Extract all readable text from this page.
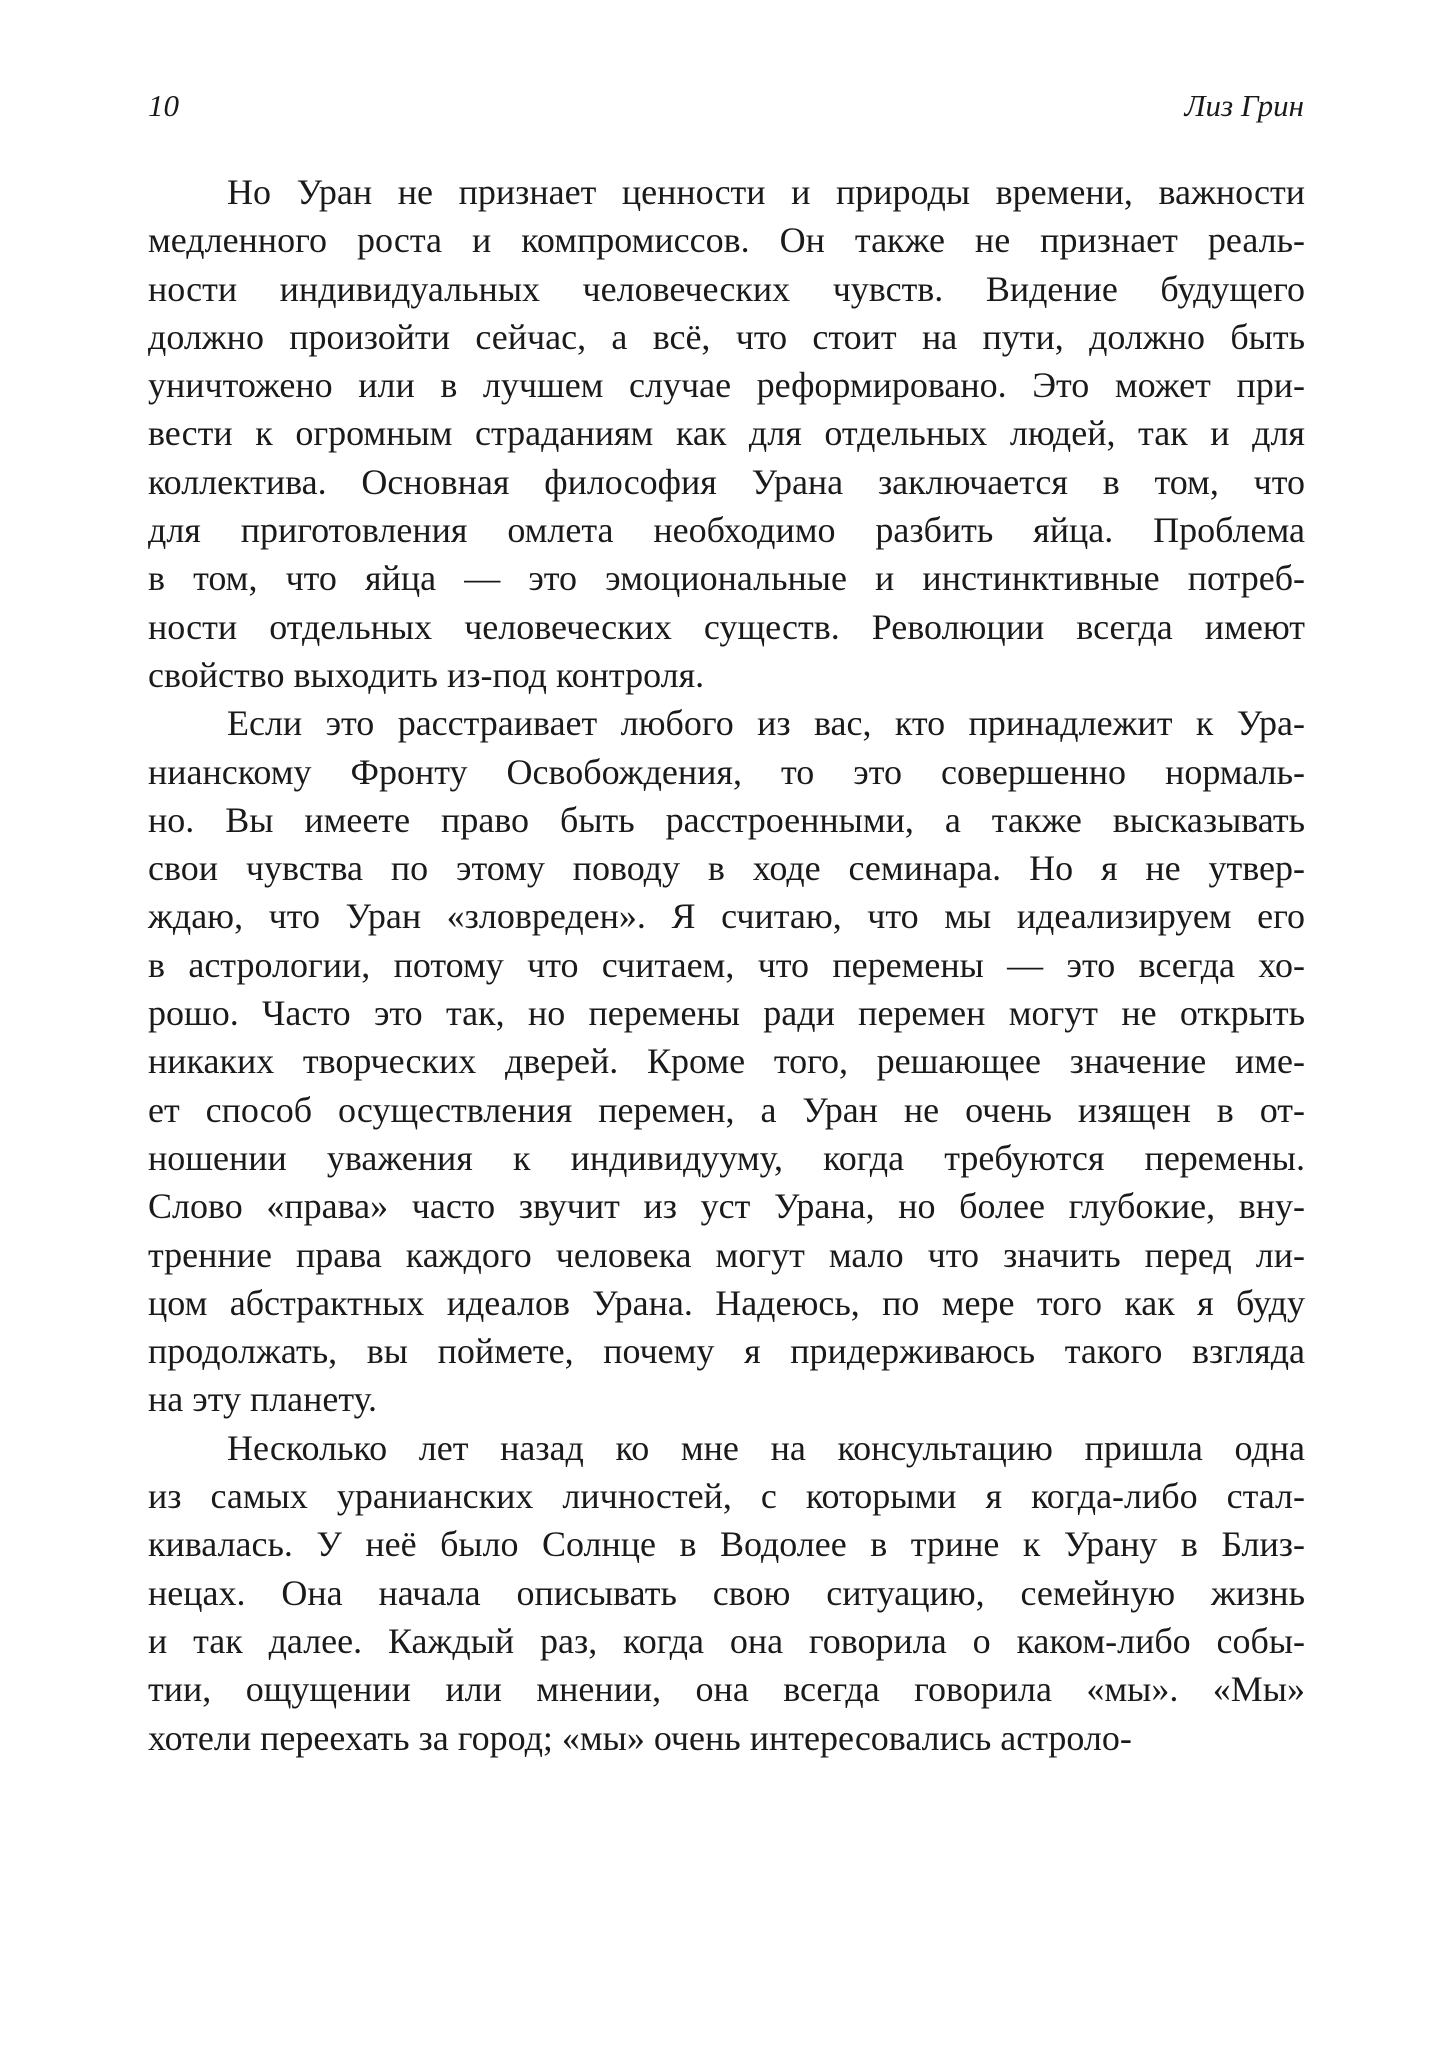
10	Лиз Грин
Но Уран не признает ценности и природы времени, важности
медленного роста и компромиссов. Он также не признает реаль-
ности индивидуальных человеческих чувств. Видение будущего
должно произойти сейчас, а всё, что стоит на пути, должно быть
уничтожено или в лучшем случае реформировано. Это может при-
вести к огромным страданиям как для отдельных людей, так и для
коллектива. Основная философия Урана заключается в том, что
для приготовления омлета необходимо разбить яйца. Проблема
в том, что яйца — это эмоциональные и инстинктивные потреб-
ности отдельных человеческих существ. Революции всегда имеют
свойство выходить из-под контроля.
Если это расстраивает любого из вас, кто принадлежит к Ура-
нианскому Фронту Освобождения, то это совершенно нормаль-
но. Вы имеете право быть расстроенными, а также высказывать
свои чувства по этому поводу в ходе семинара. Но я не утвер-
ждаю, что Уран «зловреден». Я считаю, что мы идеализируем его
в астрологии, потому что считаем, что перемены — это всегда хо-
рошо. Часто это так, но перемены ради перемен могут не открыть
никаких творческих дверей. Кроме того, решающее значение име-
ет способ осуществления перемен, а Уран не очень изящен в от-
ношении уважения к индивидууму, когда требуются перемены.
Слово «права» часто звучит из уст Урана, но более глубокие, вну-
тренние права каждого человека могут мало что значить перед ли-
цом абстрактных идеалов Урана. Надеюсь, по мере того как я буду
продолжать, вы поймете, почему я придерживаюсь такого взгляда
на эту планету.
Несколько лет назад ко мне на консультацию пришла одна
из самых уранианских личностей, с которыми я когда-либо стал-
кивалась. У неё было Солнце в Водолее в трине к Урану в Близ-
нецах. Она начала описывать свою ситуацию, семейную жизнь
и так далее. Каждый раз, когда она говорила о каком-либо собы-
тии, ощущении или мнении, она всегда говорила «мы». «Мы»
хотели переехать за город; «мы» очень интересовались астроло-
